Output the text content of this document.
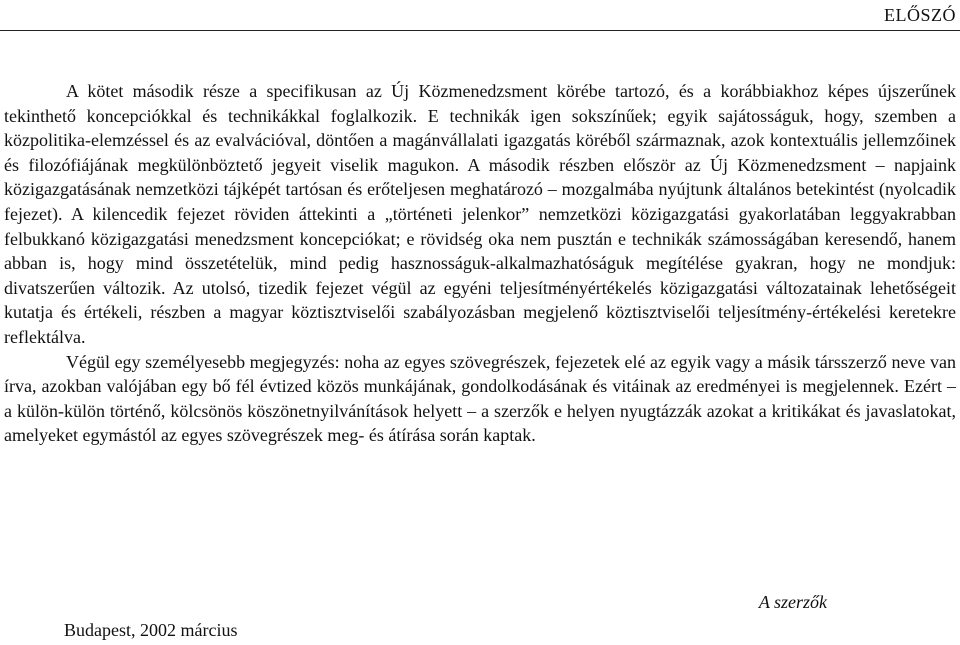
ELŐSZÓ

A kötet második része a specifikusan az Új Közmenedzsment körébe tartozó, és a korábbiakhoz képes újszerűnek tekinthető koncepciókkal és technikákkal foglalkozik. E technikák igen sokszínűek; egyik sajátosságuk, hogy, szemben a közpolitika-elemzéssel és az evalvációval, döntően a magánvállalati igazgatás köréből származnak, azok kontextuális jellemzőinek és filozófiájának megkülönböztető jegyeit viselik magukon. A második részben először az Új Közmenedzsment – napjaink közigazgatásának nemzetközi tájképét tartósan és erőteljesen meghatározó – mozgalmába nyújtunk általános betekintést (nyolcadik fejezet). A kilencedik fejezet röviden áttekinti a „történeti jelenkor” nemzetközi közigazgatási gyakorlatában leggyakrabban felbukkanó közigazgatási menedzsment koncepciókat; e rövidség oka nem pusztán e technikák számosságában keresendő, hanem abban is, hogy mind összetételük, mind pedig hasznosságuk-alkalmazhatóságuk megítélése gyakran, hogy ne mondjuk: divatszerűen változik. Az utolsó, tizedik fejezet végül az egyéni teljesítményértékelés közigazgatási változatainak lehetőségeit kutatja és értékeli, részben a magyar köztisztviselői szabályozásban megjelenő köztisztviselői teljesítmény-értékelési keretekre reflektálva.

Végül egy személyesebb megjegyzés: noha az egyes szövegrészek, fejezetek elé az egyik vagy a másik társszerző neve van írva, azokban valójában egy bő fél évtized közös munkájának, gondolkodásának és vitáinak az eredményei is megjelennek. Ezért – a külön-külön történő, kölcsönös köszönetnyilvánítások helyett – a szerzők e helyen nyugtázzák azokat a kritikákat és javaslatokat, amelyeket egymástól az egyes szövegrészek meg- és átírása során kaptak.

A szerzők
Budapest, 2002 március
